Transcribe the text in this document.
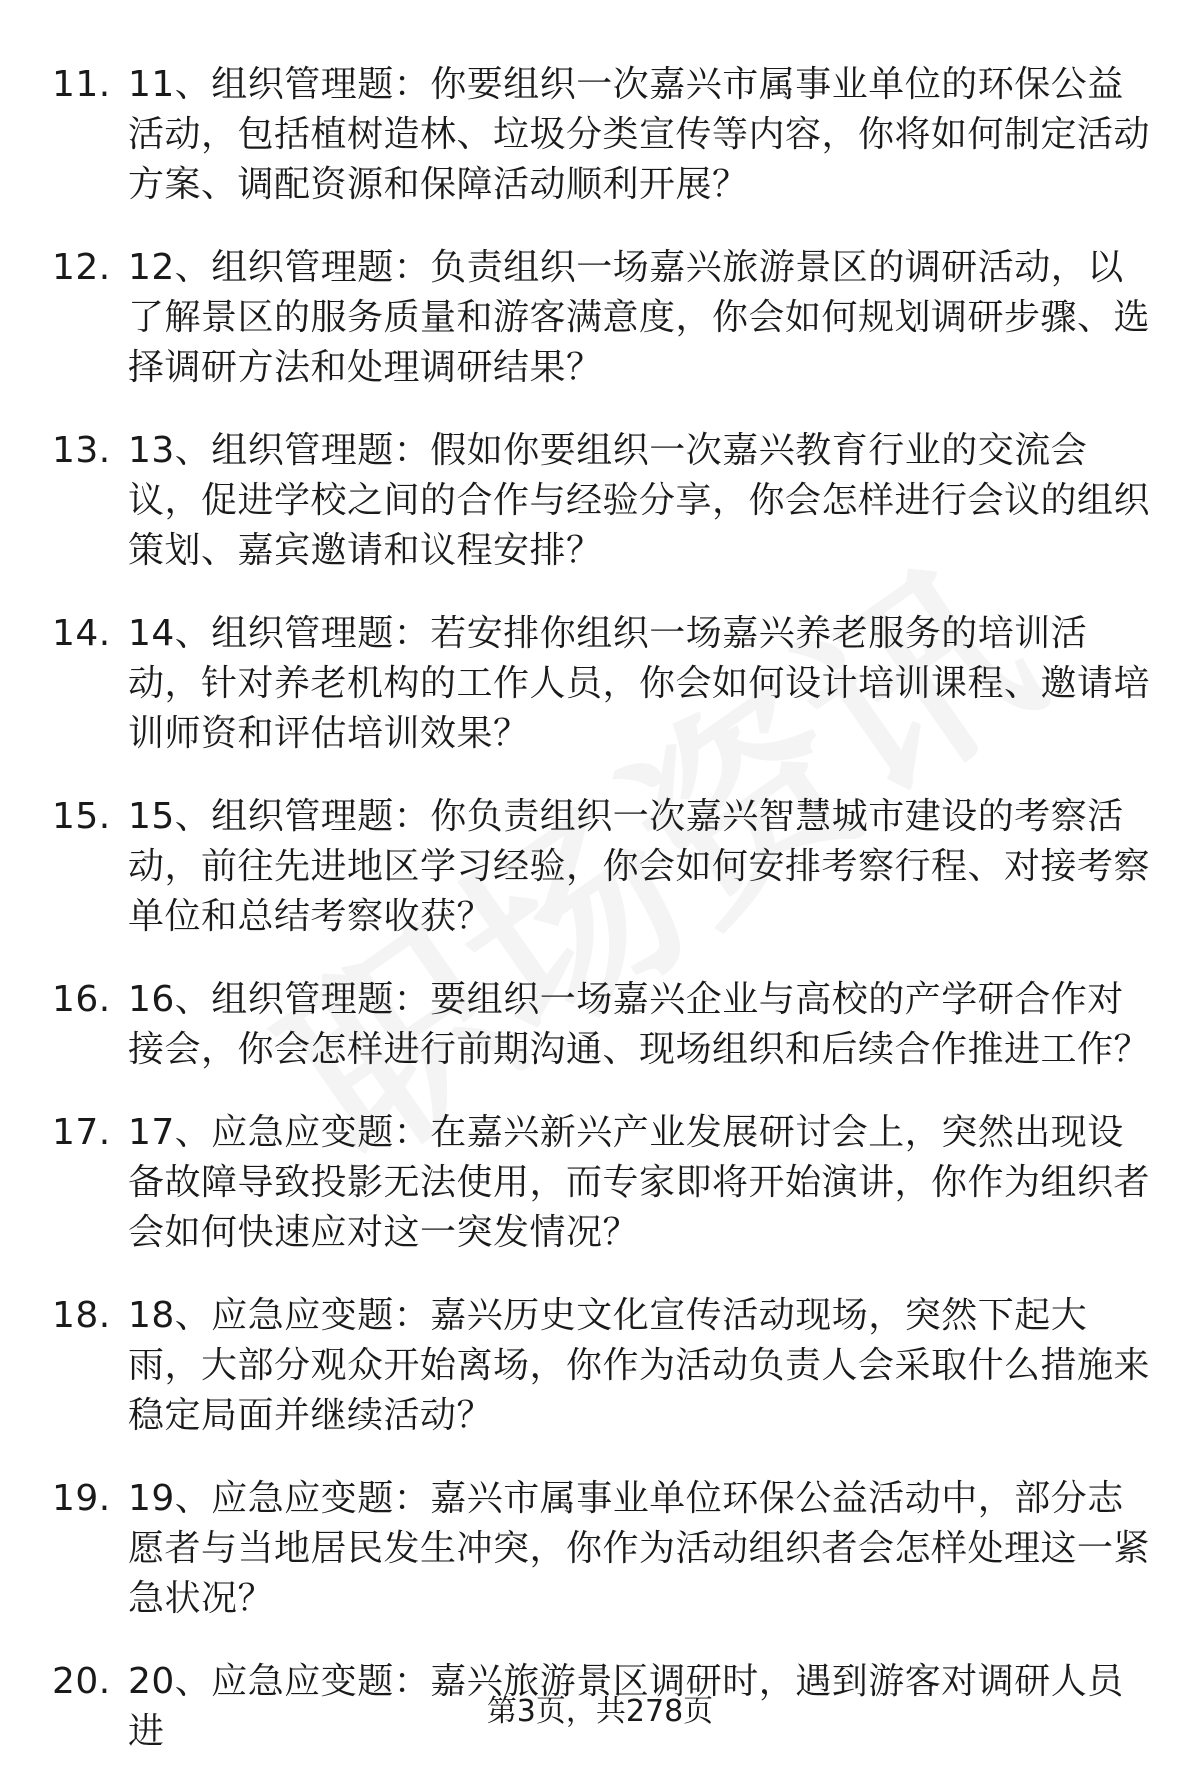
11. 11、组织管理题：你要组织一次嘉兴市属事业单位的环保公益活动，包括植树造林、垃圾分类宣传等内容，你将如何制定活动方案、调配资源和保障活动顺利开展？
12. 12、组织管理题：负责组织一场嘉兴旅游景区的调研活动，以了解景区的服务质量和游客满意度，你会如何规划调研步骤、选择调研方法和处理调研结果？
13. 13、组织管理题：假如你要组织一次嘉兴教育行业的交流会议，促进学校之间的合作与经验分享，你会怎样进行会议的组织策划、嘉宾邀请和议程安排？
14. 14、组织管理题：若安排你组织一场嘉兴养老服务的培训活动，针对养老机构的工作人员，你会如何设计培训课程、邀请培训师资和评估培训效果？
15. 15、组织管理题：你负责组织一次嘉兴智慧城市建设的考察活动，前往先进地区学习经验，你会如何安排考察行程、对接考察单位和总结考察收获？
16. 16、组织管理题：要组织一场嘉兴企业与高校的产学研合作对接会，你会怎样进行前期沟通、现场组织和后续合作推进工作？
17. 17、应急应变题：在嘉兴新兴产业发展研讨会上，突然出现设备故障导致投影无法使用，而专家即将开始演讲，你作为组织者会如何快速应对这一突发情况？
18. 18、应急应变题：嘉兴历史文化宣传活动现场，突然下起大雨，大部分观众开始离场，你作为活动负责人会采取什么措施来稳定局面并继续活动？
19. 19、应急应变题：嘉兴市属事业单位环保公益活动中，部分志愿者与当地居民发生冲突，你作为活动组织者会怎样处理这一紧急状况？
20. 20、应急应变题：嘉兴旅游景区调研时，遇到游客对调研人员进	第3页，共278页
